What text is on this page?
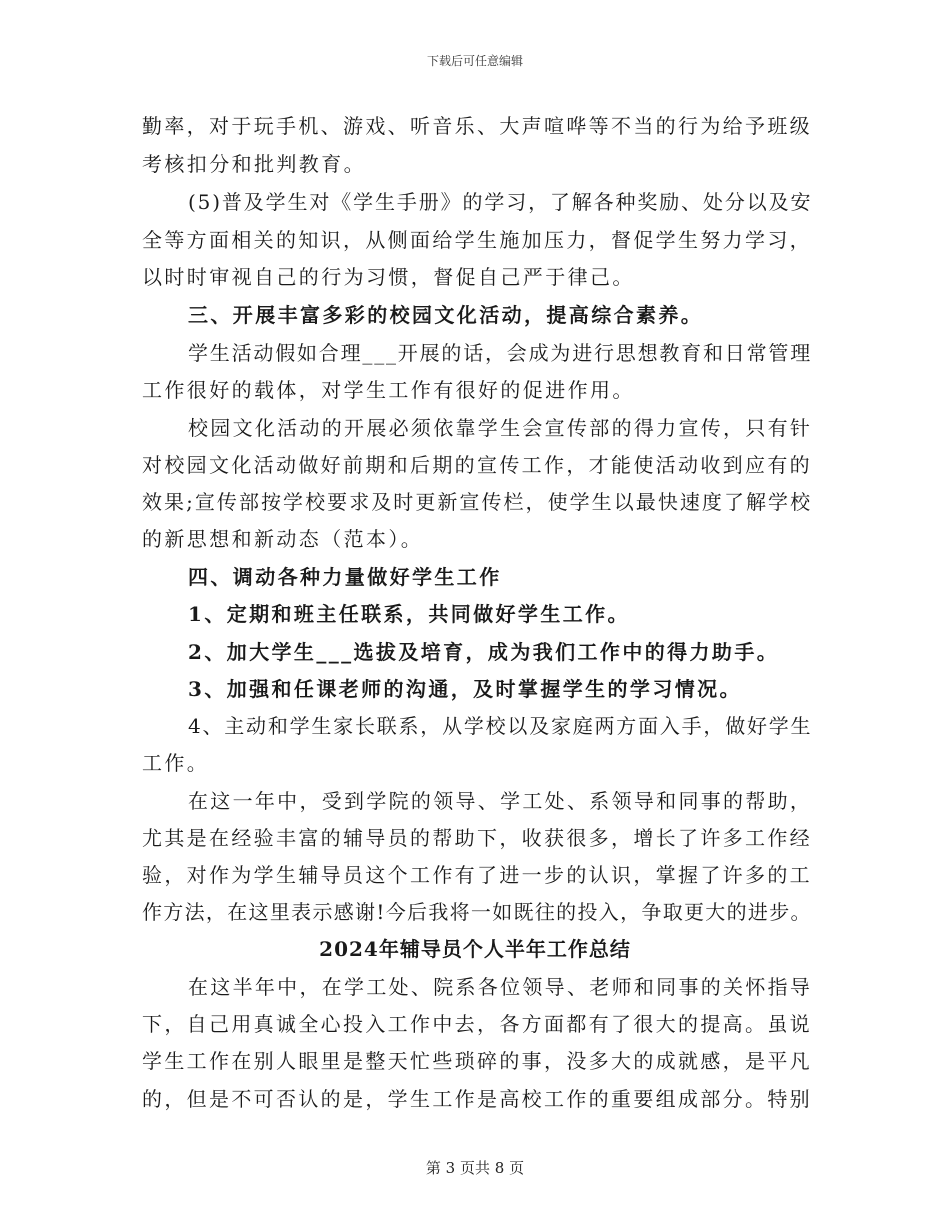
下载后可任意编辑
勤率，对于玩手机、游戏、听音乐、大声喧哗等不当的行为给予班级
考核扣分和批判教育。
(5)普及学生对《学生手册》的学习，了解各种奖励、处分以及安
全等方面相关的知识，从侧面给学生施加压力，督促学生努力学习，
以时时审视自己的行为习惯，督促自己严于律己。
三、开展丰富多彩的校园文化活动，提高综合素养。
学生活动假如合理___开展的话，会成为进行思想教育和日常管理
工作很好的载体，对学生工作有很好的促进作用。
校园文化活动的开展必须依靠学生会宣传部的得力宣传，只有针
对校园文化活动做好前期和后期的宣传工作，才能使活动收到应有的
效果;宣传部按学校要求及时更新宣传栏，使学生以最快速度了解学校
的新思想和新动态（范本）。
四、调动各种力量做好学生工作
1、定期和班主任联系，共同做好学生工作。
2、加大学生___选拔及培育，成为我们工作中的得力助手。
3、加强和任课老师的沟通，及时掌握学生的学习情况。
4、主动和学生家长联系，从学校以及家庭两方面入手，做好学生
工作。
在这一年中，受到学院的领导、学工处、系领导和同事的帮助，
尤其是在经验丰富的辅导员的帮助下，收获很多，增长了许多工作经
验，对作为学生辅导员这个工作有了进一步的认识，掌握了许多的工
作方法，在这里表示感谢!今后我将一如既往的投入，争取更大的进步。
2024年辅导员个人半年工作总结
在这半年中，在学工处、院系各位领导、老师和同事的关怀指导
下，自己用真诚全心投入工作中去，各方面都有了很大的提高。虽说
学生工作在别人眼里是整天忙些琐碎的事，没多大的成就感，是平凡
的，但是不可否认的是，学生工作是高校工作的重要组成部分。特别
第 3 页共 8 页
